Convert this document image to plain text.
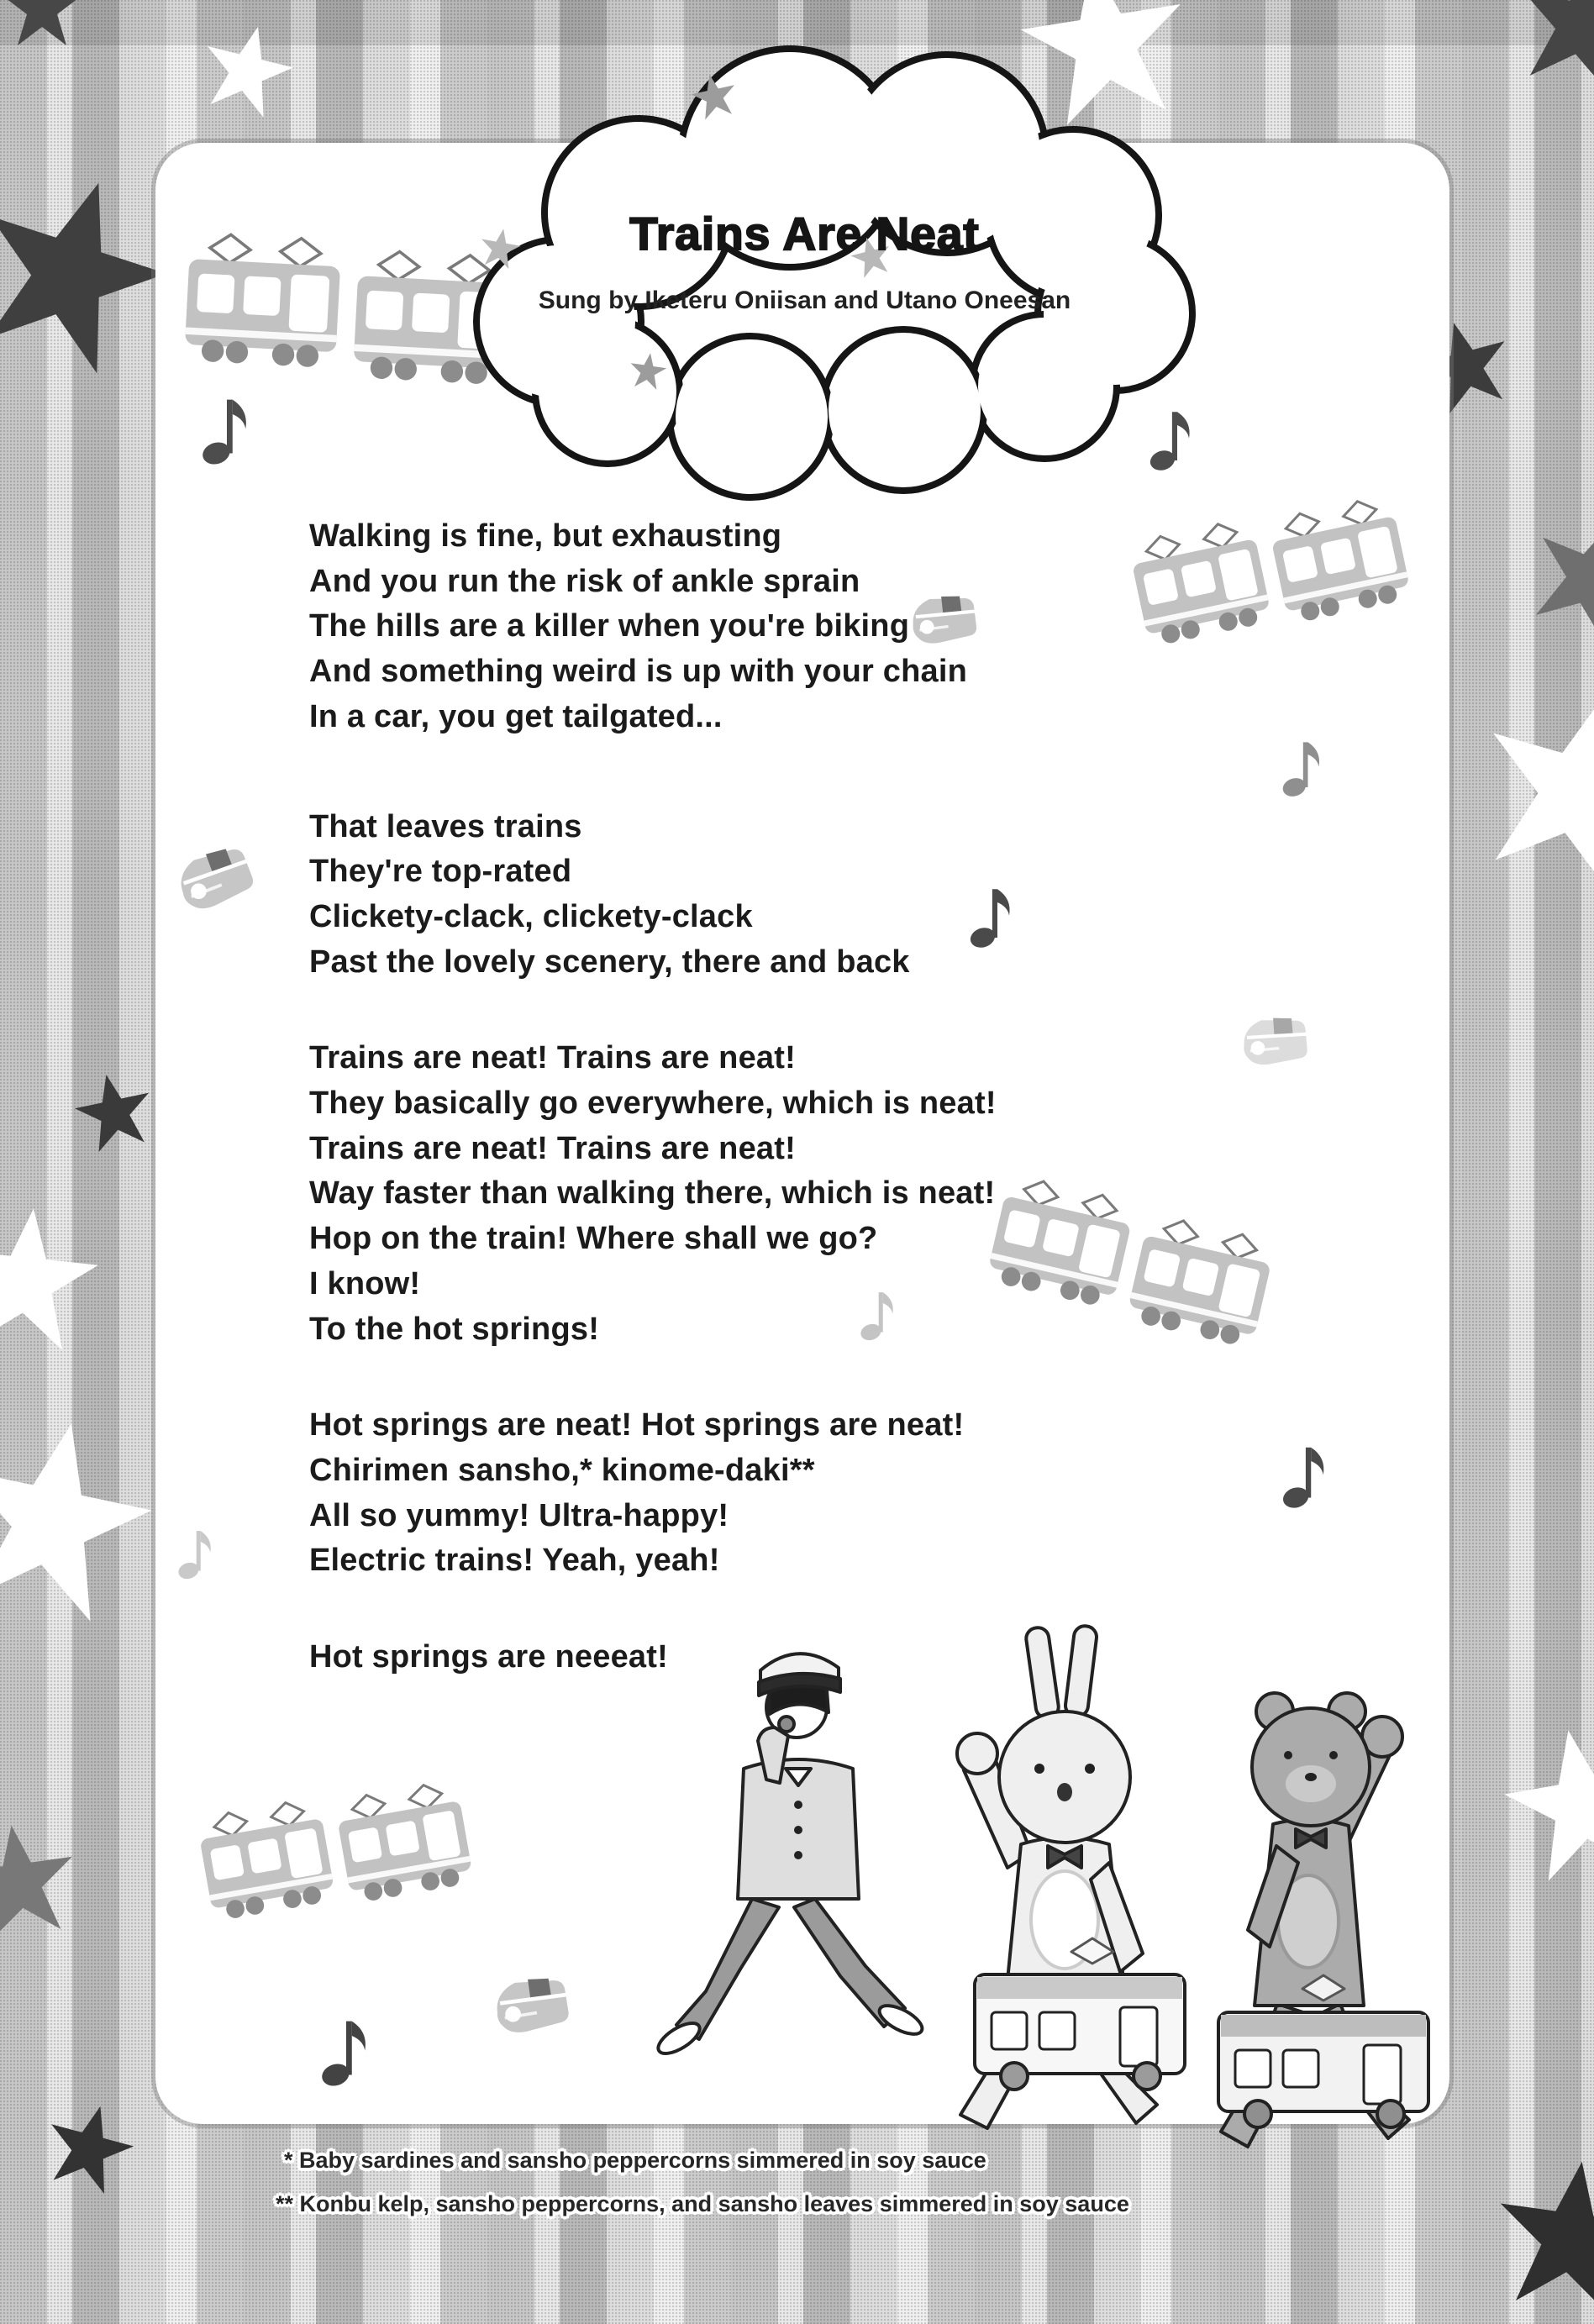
Trains Are Neat
Sung by Iketeru Oniisan and Utano Oneesan

Walking is fine, but exhausting
And you run the risk of ankle sprain
The hills are a killer when you're biking
And something weird is up with your chain
In a car, you get tailgated...

That leaves trains
They're top-rated
Clickety-clack, clickety-clack
Past the lovely scenery, there and back

Trains are neat! Trains are neat!
They basically go everywhere, which is neat!
Trains are neat! Trains are neat!
Way faster than walking there, which is neat!
Hop on the train! Where shall we go?
I know!
To the hot springs!

Hot springs are neat! Hot springs are neat!
Chirimen sansho,* kinome-daki**
All so yummy! Ultra-happy!
Electric trains! Yeah, yeah!

Hot springs are neeeat!

* Baby sardines and sansho peppercorns simmered in soy sauce
** Konbu kelp, sansho peppercorns, and sansho leaves simmered in soy sauce
